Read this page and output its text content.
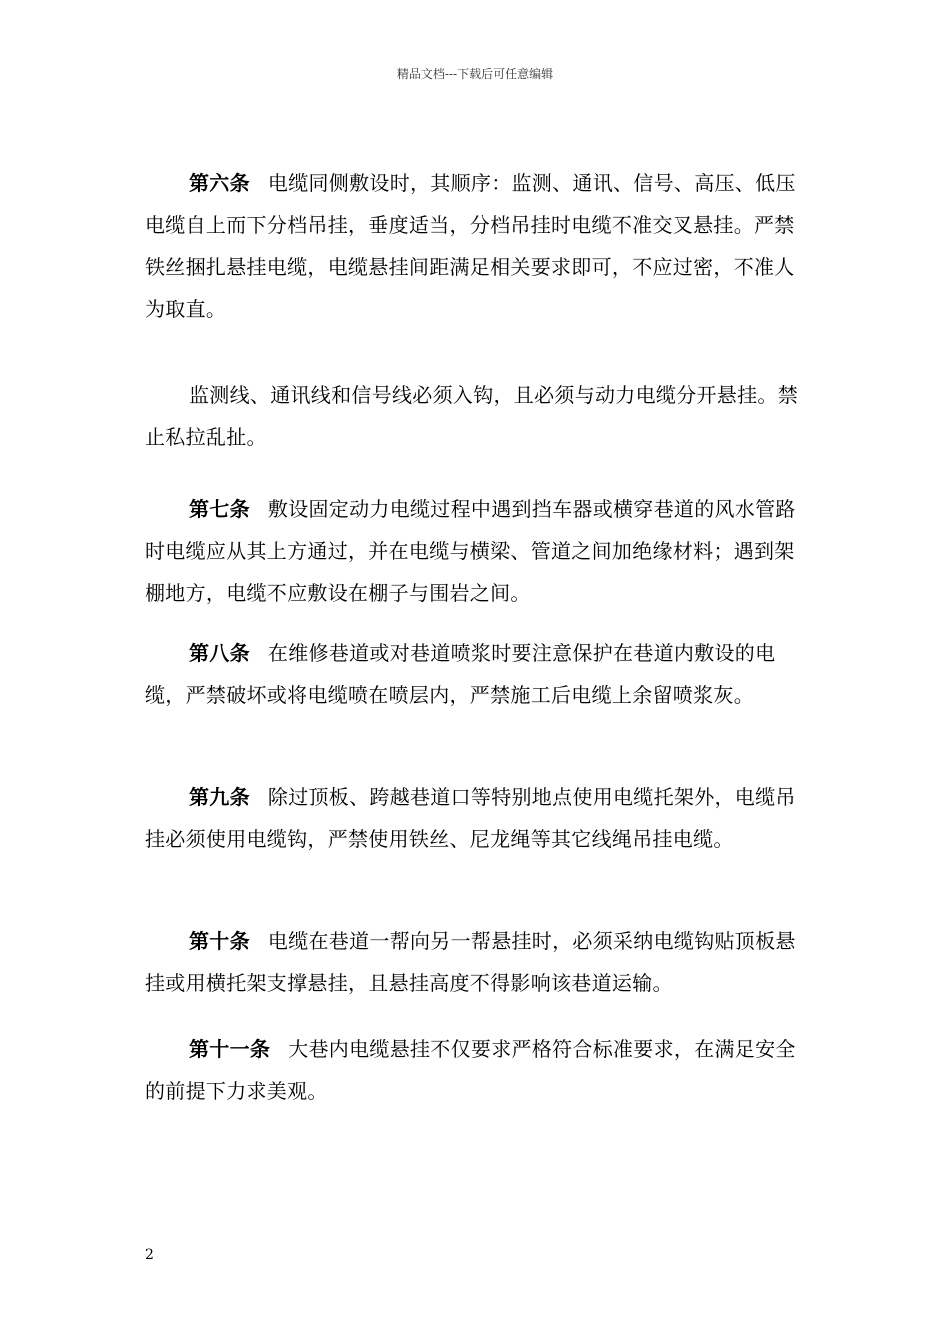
精品文档---下载后可任意编辑

第六条 电缆同侧敷设时，其顺序：监测、通讯、信号、高压、低压电缆自上而下分档吊挂，垂度适当，分档吊挂时电缆不准交叉悬挂。严禁铁丝捆扎悬挂电缆，电缆悬挂间距满足相关要求即可，不应过密，不准人为取直。

监测线、通讯线和信号线必须入钩，且必须与动力电缆分开悬挂。禁止私拉乱扯。

第七条 敷设固定动力电缆过程中遇到挡车器或横穿巷道的风水管路时电缆应从其上方通过，并在电缆与横梁、管道之间加绝缘材料；遇到架棚地方，电缆不应敷设在棚子与围岩之间。

第八条 在维修巷道或对巷道喷浆时要注意保护在巷道内敷设的电缆，严禁破坏或将电缆喷在喷层内，严禁施工后电缆上余留喷浆灰。

第九条 除过顶板、跨越巷道口等特别地点使用电缆托架外，电缆吊挂必须使用电缆钩，严禁使用铁丝、尼龙绳等其它线绳吊挂电缆。

第十条 电缆在巷道一帮向另一帮悬挂时，必须采纳电缆钩贴顶板悬挂或用横托架支撑悬挂，且悬挂高度不得影响该巷道运输。

第十一条 大巷内电缆悬挂不仅要求严格符合标准要求，在满足安全的前提下力求美观。

2
